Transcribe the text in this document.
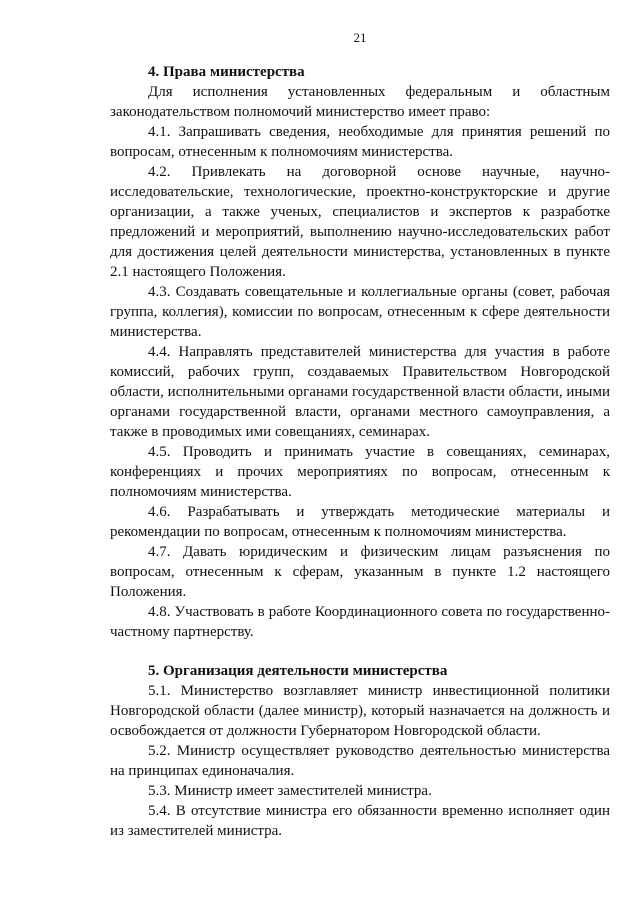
21

4. Права министерства

Для исполнения установленных федеральным и областным законодательством полномочий министерство имеет право:

4.1. Запрашивать сведения, необходимые для принятия решений по вопросам, отнесенным к полномочиям министерства.

4.2. Привлекать на договорной основе научные, научно-исследовательские, технологические, проектно-конструкторские и другие организации, а также ученых, специалистов и экспертов к разработке предложений и мероприятий, выполнению научно-исследовательских работ для достижения целей деятельности министерства, установленных в пункте 2.1 настоящего Положения.

4.3. Создавать совещательные и коллегиальные органы (совет, рабочая группа, коллегия), комиссии по вопросам, отнесенным к сфере деятельности министерства.

4.4. Направлять представителей министерства для участия в работе комиссий, рабочих групп, создаваемых Правительством Новгородской области, исполнительными органами государственной власти области, иными органами государственной власти, органами местного самоуправления, а также в проводимых ими совещаниях, семинарах.

4.5. Проводить и принимать участие в совещаниях, семинарах, конференциях и прочих мероприятиях по вопросам, отнесенным к полномочиям министерства.

4.6. Разрабатывать и утверждать методические материалы и рекомендации по вопросам, отнесенным к полномочиям министерства.

4.7. Давать юридическим и физическим лицам разъяснения по вопросам, отнесенным к сферам, указанным в пункте 1.2 настоящего Положения.

4.8. Участвовать в работе Координационного совета по государственно-частному партнерству.

5. Организация деятельности министерства

5.1. Министерство возглавляет министр инвестиционной политики Новгородской области (далее министр), который назначается на должность и освобождается от должности Губернатором Новгородской области.

5.2. Министр осуществляет руководство деятельностью министерства на принципах единоначалия.

5.3. Министр имеет заместителей министра.

5.4. В отсутствие министра его обязанности временно исполняет один из заместителей министра.
